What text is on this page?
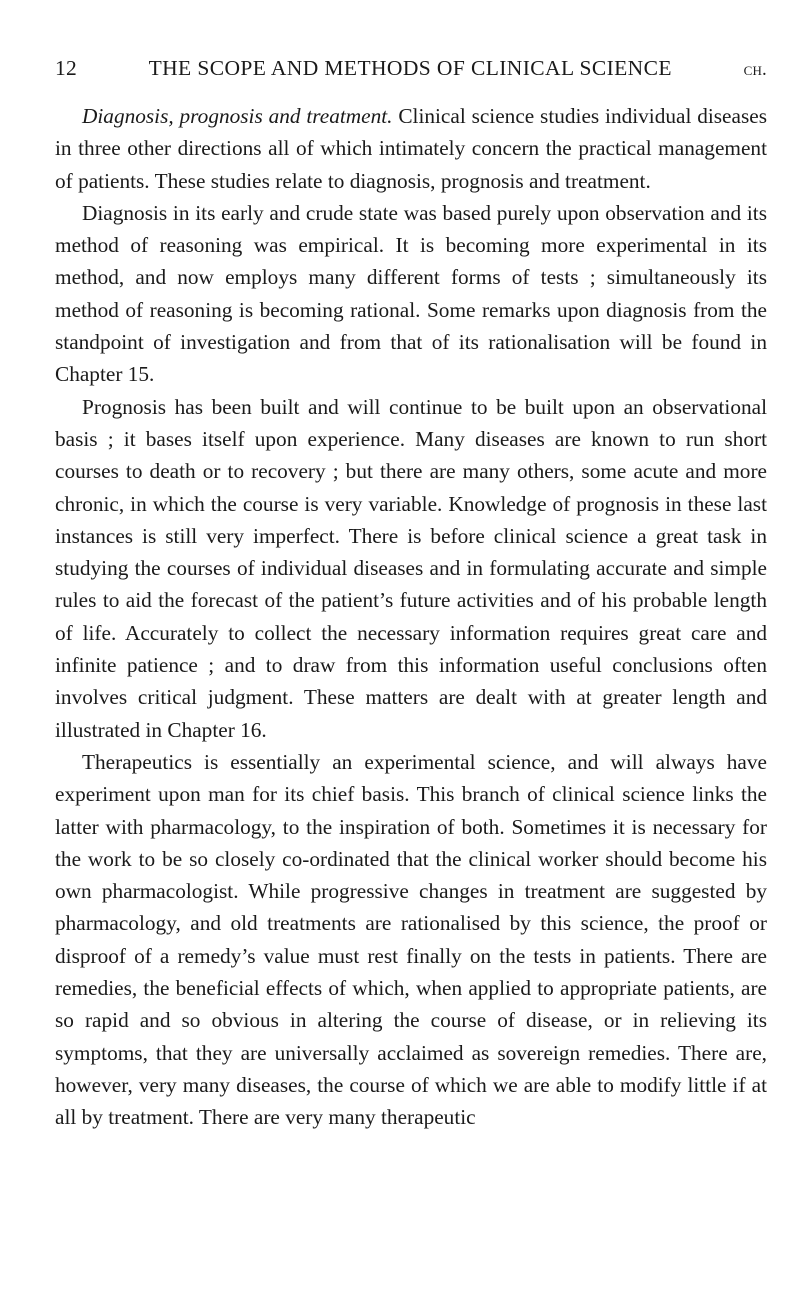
12	THE SCOPE AND METHODS OF CLINICAL SCIENCE	ch.

Diagnosis, prognosis and treatment. Clinical science studies individual diseases in three other directions all of which intimately concern the practical management of patients. These studies relate to diagnosis, prognosis and treatment.

Diagnosis in its early and crude state was based purely upon observation and its method of reasoning was empirical. It is becoming more experimental in its method, and now employs many different forms of tests ; simultaneously its method of reasoning is becoming rational. Some remarks upon diagnosis from the standpoint of investigation and from that of its rationalisation will be found in Chapter 15.

Prognosis has been built and will continue to be built upon an observational basis ; it bases itself upon experience. Many diseases are known to run short courses to death or to recovery ; but there are many others, some acute and more chronic, in which the course is very variable. Knowledge of prognosis in these last instances is still very imperfect. There is before clinical science a great task in studying the courses of individual diseases and in formulating accurate and simple rules to aid the forecast of the patient’s future activities and of his probable length of life. Accurately to collect the necessary information requires great care and infinite patience ; and to draw from this information useful conclusions often involves critical judgment. These matters are dealt with at greater length and illustrated in Chapter 16.

Therapeutics is essentially an experimental science, and will always have experiment upon man for its chief basis. This branch of clinical science links the latter with pharmacology, to the inspiration of both. Sometimes it is necessary for the work to be so closely co-ordinated that the clinical worker should become his own pharmacologist. While progressive changes in treatment are suggested by pharmacology, and old treatments are rationalised by this science, the proof or disproof of a remedy’s value must rest finally on the tests in patients. There are remedies, the beneficial effects of which, when applied to appropriate patients, are so rapid and so obvious in altering the course of disease, or in relieving its symptoms, that they are universally acclaimed as sovereign remedies. There are, however, very many diseases, the course of which we are able to modify little if at all by treatment. There are very many therapeutic
